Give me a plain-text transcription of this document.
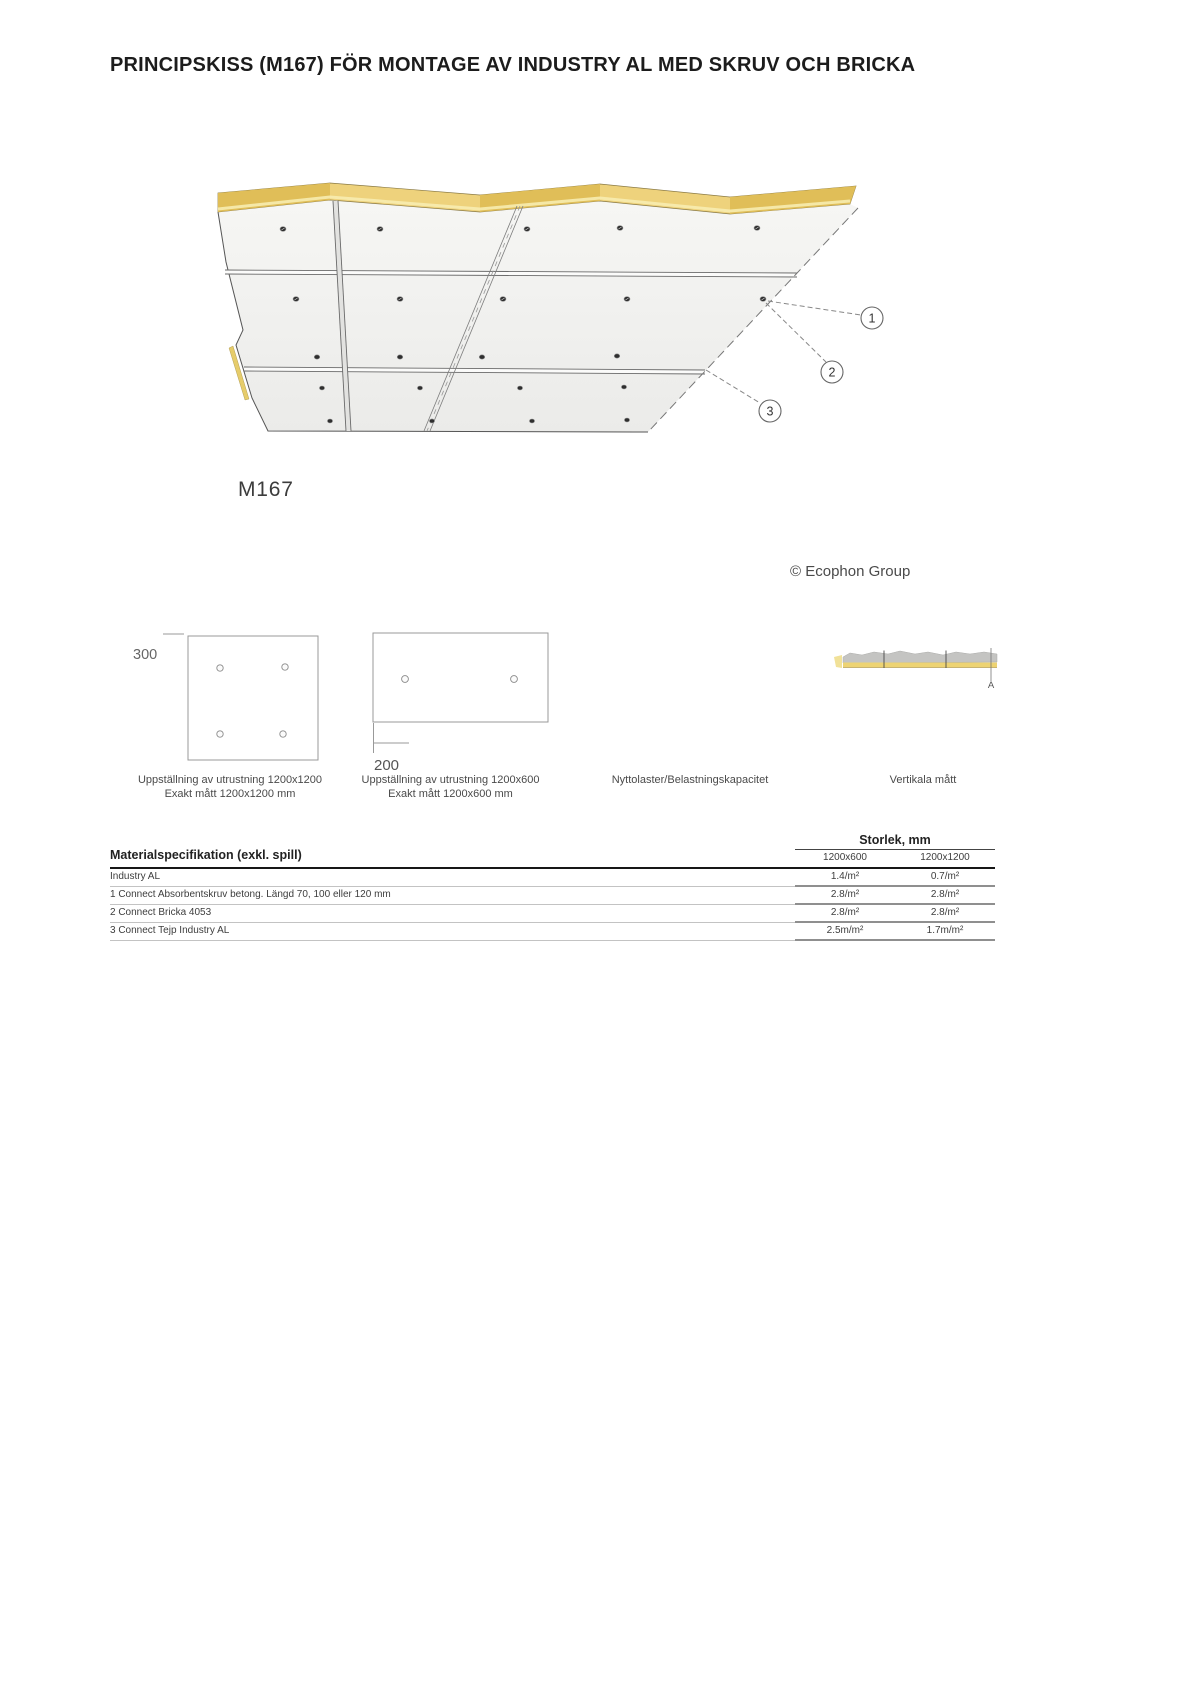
PRINCIPSKISS (M167) FÖR MONTAGE AV INDUSTRY AL MED SKRUV OCH BRICKA
1
2
3
M167
© Ecophon Group
300
200
A
Uppställning av utrustning 1200x1200
Exakt mått 1200x1200 mm
Uppställning av utrustning 1200x600
Exakt mått 1200x600 mm
Nyttolaster/Belastningskapacitet	Vertikala mått
Materialspecifikation (exkl. spill)
Storlek, mm
1200x600	1200x1200
Industry AL	1.4/m²	0.7/m²
1 Connect Absorbentskruv betong. Längd 70, 100 eller 120 mm	2.8/m²	2.8/m²
2 Connect Bricka 4053	2.8/m²	2.8/m²
3 Connect Tejp Industry AL	2.5m/m²	1.7m/m²
